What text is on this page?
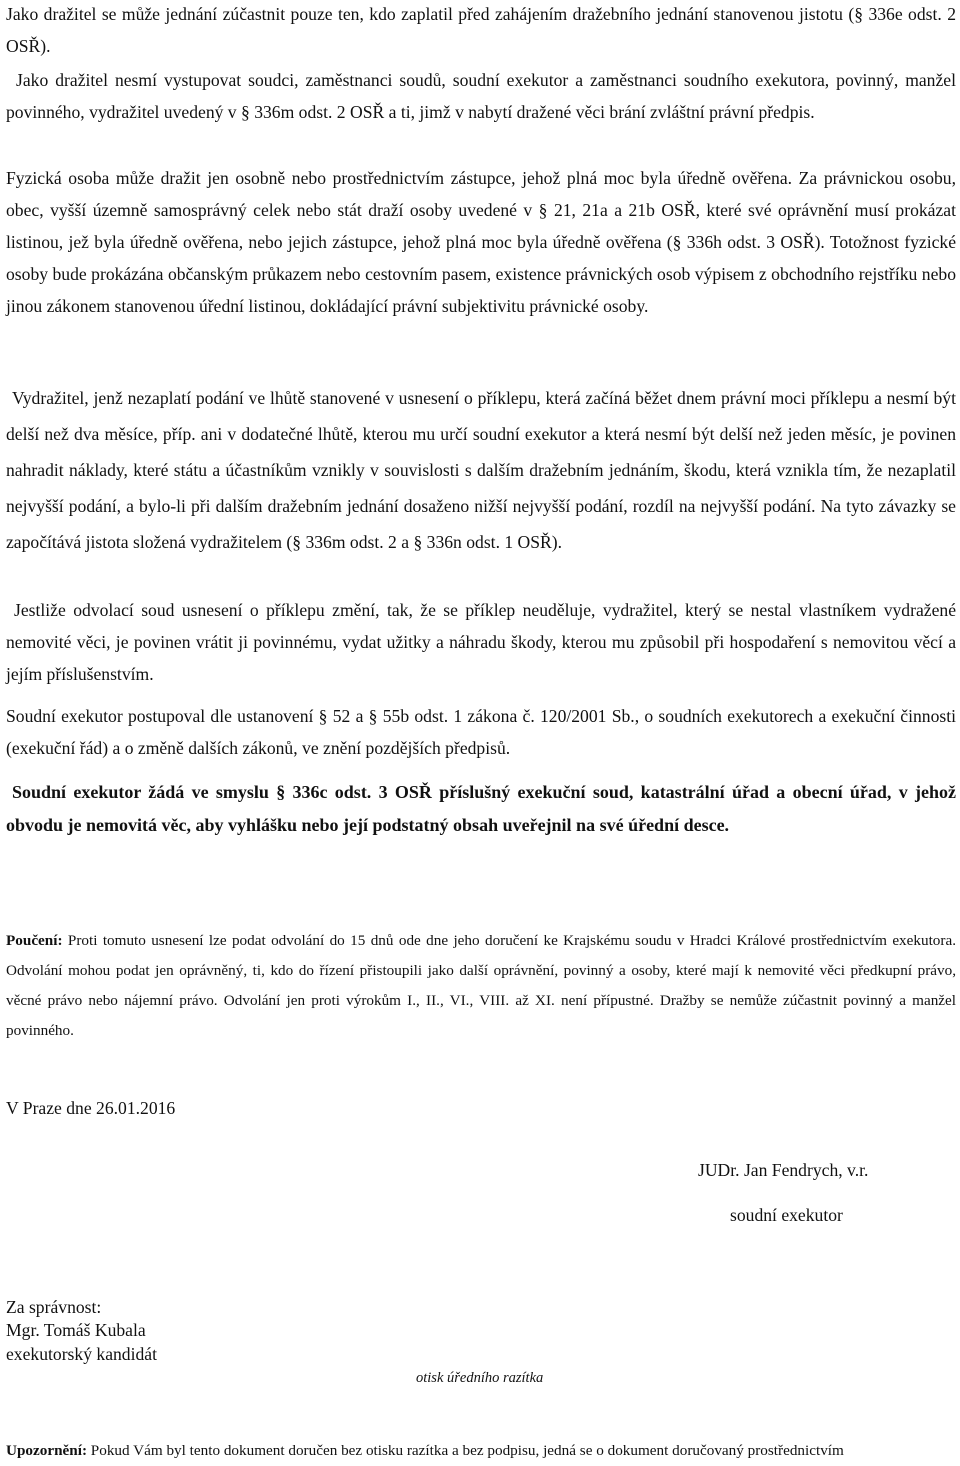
Jako dražitel se může jednání zúčastnit pouze ten, kdo zaplatil před zahájením dražebního jednání stanovenou jistotu (§ 336e odst. 2 OSŘ).

Jako dražitel nesmí vystupovat soudci, zaměstnanci soudů, soudní exekutor a zaměstnanci soudního exekutora, povinný, manžel povinného, vydražitel uvedený v § 336m odst. 2 OSŘ a ti, jimž v nabytí dražené věci brání zvláštní právní předpis.

Fyzická osoba může dražit jen osobně nebo prostřednictvím zástupce, jehož plná moc byla úředně ověřena. Za právnickou osobu, obec, vyšší územně samosprávný celek nebo stát draží osoby uvedené v § 21, 21a a 21b OSŘ, které své oprávnění musí prokázat listinou, jež byla úředně ověřena, nebo jejich zástupce, jehož plná moc byla úředně ověřena (§ 336h odst. 3 OSŘ). Totožnost fyzické osoby bude prokázána občanským průkazem nebo cestovním pasem, existence právnických osob výpisem z obchodního rejstříku nebo jinou zákonem stanovenou úřední listinou, dokládající právní subjektivitu právnické osoby.

Vydražitel, jenž nezaplatí podání ve lhůtě stanovené v usnesení o příklepu, která začíná běžet dnem právní moci příklepu a nesmí být delší než dva měsíce, příp. ani v dodatečné lhůtě, kterou mu určí soudní exekutor a která nesmí být delší než jeden měsíc, je povinen nahradit náklady, které státu a účastníkům vznikly v souvislosti s dalším dražebním jednáním, škodu, která vznikla tím, že nezaplatil nejvyšší podání, a bylo-li při dalším dražebním jednání dosaženo nižší nejvyšší podání, rozdíl na nejvyšší podání. Na tyto závazky se započítává jistota složená vydražitelem (§ 336m odst. 2 a § 336n odst. 1 OSŘ).

Jestliže odvolací soud usnesení o příklepu změní, tak, že se příklep neuděluje, vydražitel, který se nestal vlastníkem vydražené nemovité věci, je povinen vrátit ji povinnému, vydat užitky a náhradu škody, kterou mu způsobil při hospodaření s nemovitou věcí a jejím příslušenstvím.

Soudní exekutor postupoval dle ustanovení § 52 a § 55b odst. 1 zákona č. 120/2001 Sb., o soudních exekutorech a exekuční činnosti (exekuční řád) a o změně dalších zákonů, ve znění pozdějších předpisů.

Soudní exekutor žádá ve smyslu § 336c odst. 3 OSŘ příslušný exekuční soud, katastrální úřad a obecní úřad, v jehož obvodu je nemovitá věc, aby vyhlášku nebo její podstatný obsah uveřejnil na své úřední desce.

Poučení: Proti tomuto usnesení lze podat odvolání do 15 dnů ode dne jeho doručení ke Krajskému soudu v Hradci Králové prostřednictvím exekutora. Odvolání mohou podat jen oprávněný, ti, kdo do řízení přistoupili jako další oprávnění, povinný a osoby, které mají k nemovité věci předkupní právo, věcné právo nebo nájemní právo. Odvolání jen proti výrokům I., II., VI., VIII. až XI. není přípustné. Dražby se nemůže zúčastnit povinný a manžel povinného.

V Praze dne 26.01.2016

JUDr. Jan Fendrych, v.r.

soudní exekutor

Za správnost:

Mgr. Tomáš Kubala

exekutorský kandidát

otisk úředního razítka

Upozornění: Pokud Vám byl tento dokument doručen bez otisku razítka a bez podpisu, jedná se o dokument doručovaný prostřednictvím
